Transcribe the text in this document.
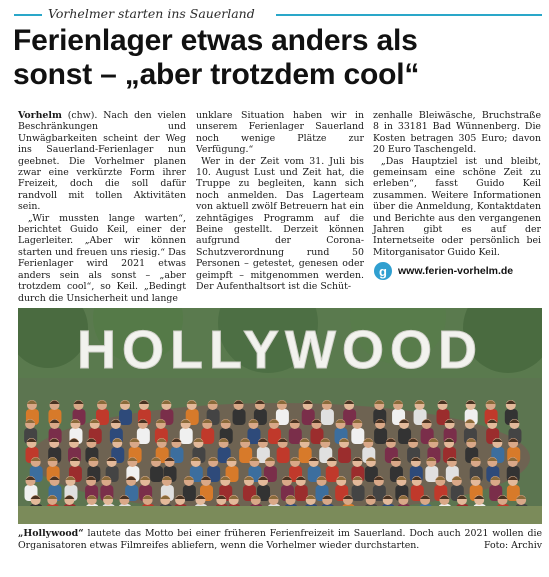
Vorhelmer starten ins Sauerland
Ferienlager etwas anders als
sonst – „aber trotzdem cool“

Vorhelm (chw). Nach den vielen Beschränkungen und Unwägbarkeiten scheint der Weg ins Sauerland-Ferienlager nun geebnet. Die Vorhelmer planen zwar eine verkürzte Form ihrer Freizeit, doch die soll dafür randvoll mit tollen Aktivitäten sein.

„Wir mussten lange warten“, berichtet Guido Keil, einer der Lagerleiter. „Aber wir können starten und freuen uns riesig.“ Das Ferienlager wird 2021 etwas anders sein als sonst – „aber trotzdem cool“, so Keil. „Bedingt durch die Unsicherheit und lange

unklare Situation haben wir in unserem Ferienlager Sauerland noch wenige Plätze zur Verfügung.“

Wer in der Zeit vom 31. Juli bis 10. August Lust und Zeit hat, die Truppe zu begleiten, kann sich noch anmelden. Das Lagerteam von aktuell zwölf Betreuern hat ein zehntägiges Programm auf die Beine gestellt. Derzeit können aufgrund der Corona-Schutzverordnung rund 50 Personen – getestet, genesen oder geimpft – mitgenommen werden. Der Aufenthaltsort ist die Schüt-

zenhalle Bleiwäsche, Bruchstraße 8 in 33181 Bad Wünnenberg. Die Kosten betragen 305 Euro; davon 20 Euro Taschengeld.

„Das Hauptziel ist und bleibt, gemeinsam eine schöne Zeit zu erleben“, fasst Guido Keil zusammen. Weitere Informationen über die Anmeldung, Kontaktdaten und Berichte aus den vergangenen Jahren gibt es auf der Internetseite oder persönlich bei Mitorganisator Guido Keil.

g	www.ferien-vorhelm.de
HOLLYWOOD
„Hollywood“ lautete das Motto bei einer früheren Ferienfreizeit im Sauerland. Doch auch 2021 wollen die Organisatoren etwas Filmreifes abliefern, wenn die Vorhelmer wieder durchstarten.	Foto: Archiv
